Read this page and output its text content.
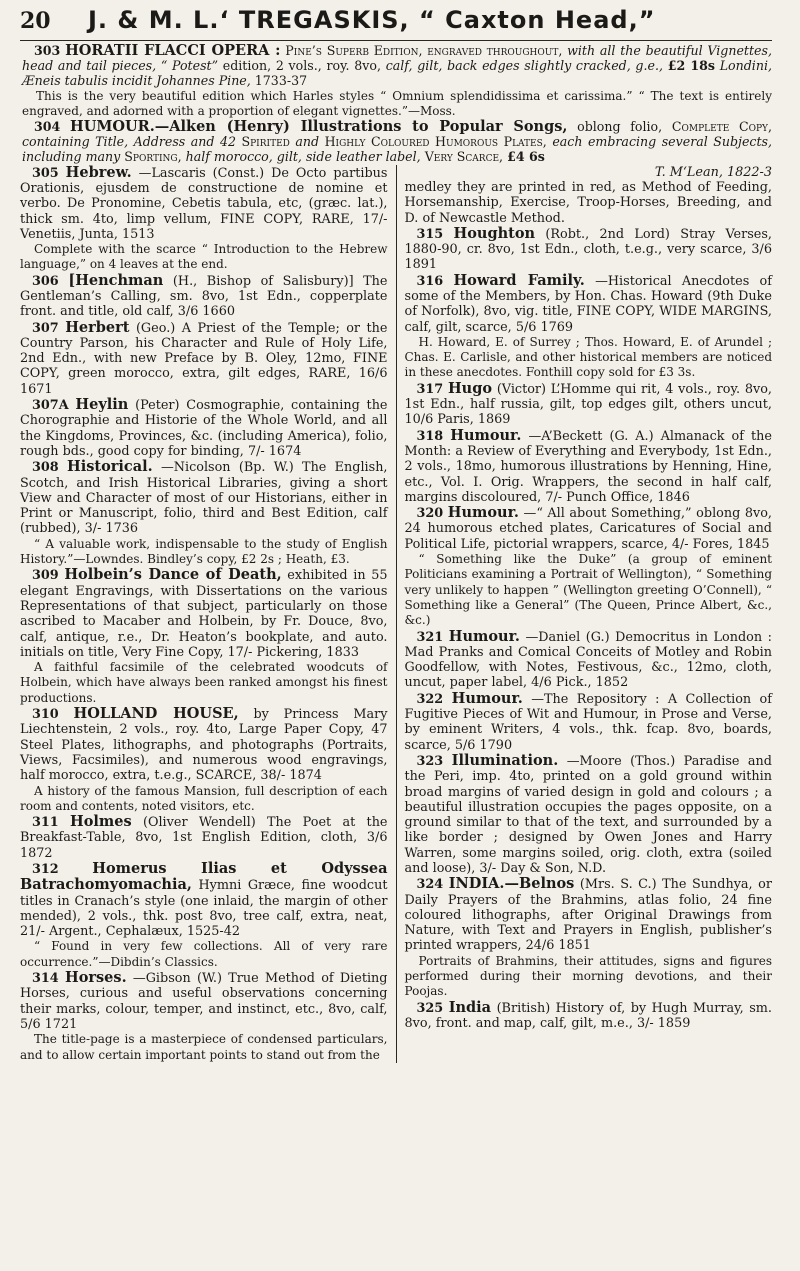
20	J. & M. L.‘ TREGASKIS, “ Caxton Head,”

303 HORATII FLACCI OPERA : Pine’s Superb Edition, engraved throughout, with all the beautiful Vignettes, head and tail pieces, “ Potest” edition, 2 vols., roy. 8vo, calf, gilt, back edges slightly cracked, g.e., £2 18s Londini, Æneis tabulis incidit Johannes Pine, 1733-37

This is the very beautiful edition which Harles styles “ Omnium splendidissima et carissima.” “ The text is entirely engraved, and adorned with a proportion of elegant vignettes.”—Moss.

304 HUMOUR.—Alken (Henry) Illustrations to Popular Songs, oblong folio, Complete Copy, containing Title, Address and 42 Spirited and Highly Coloured Humorous Plates, each embracing several Subjects, including many Sporting, half morocco, gilt, side leather label, Very Scarce, £4 6s

305 Hebrew. —Lascaris (Const.) De Octo partibus Orationis, ejusdem de constructione de nomine et verbo. De Pronomine, Cebetis tabula, etc, (græc. lat.), thick sm. 4to, limp vellum, FINE COPY, RARE, 17/- Venetiis, Junta, 1513

Complete with the scarce “ Introduction to the Hebrew language,” on 4 leaves at the end.

306 [Henchman (H., Bishop of Salisbury)] The Gentleman’s Calling, sm. 8vo, 1st Edn., copperplate front. and title, old calf, 3/6 1660

307 Herbert (Geo.) A Priest of the Temple; or the Country Parson, his Character and Rule of Holy Life, 2nd Edn., with new Preface by B. Oley, 12mo, FINE COPY, green morocco, extra, gilt edges, RARE, 16/6 1671

307A Heylin (Peter) Cosmographie, containing the Chorographie and Historie of the Whole World, and all the Kingdoms, Provinces, &c. (including America), folio, rough bds., good copy for binding, 7/- 1674

308 Historical. —Nicolson (Bp. W.) The English, Scotch, and Irish Historical Libraries, giving a short View and Character of most of our Historians, either in Print or Manuscript, folio, third and Best Edition, calf (rubbed), 3/- 1736

“ A valuable work, indispensable to the study of English History.”—Lowndes. Bindley’s copy, £2 2s ; Heath, £3.

309 Holbein’s Dance of Death, exhibited in 55 elegant Engravings, with Dissertations on the various Representations of that subject, particularly on those ascribed to Macaber and Holbein, by Fr. Douce, 8vo, calf, antique, r.e., Dr. Heaton’s bookplate, and auto. initials on title, Very Fine Copy, 17/- Pickering, 1833

A faithful facsimile of the celebrated woodcuts of Holbein, which have always been ranked amongst his finest productions.

310 HOLLAND HOUSE, by Princess Mary Liechtenstein, 2 vols., roy. 4to, Large Paper Copy, 47 Steel Plates, lithographs, and photographs (Portraits, Views, Facsimiles), and numerous wood engravings, half morocco, extra, t.e.g., SCARCE, 38/- 1874

A history of the famous Mansion, full description of each room and contents, noted visitors, etc.

311 Holmes (Oliver Wendell) The Poet at the Breakfast-Table, 8vo, 1st English Edition, cloth, 3/6 1872

312 Homerus Ilias et Odyssea Batrachomyomachia, Hymni Græce, fine woodcut titles in Cranach’s style (one inlaid, the margin of other mended), 2 vols., thk. post 8vo, tree calf, extra, neat, 21/- Argent., Cephalæux, 1525-42

“ Found in very few collections. All of very rare occurrence.”—Dibdin’s Classics.

314 Horses. —Gibson (W.) True Method of Dieting Horses, curious and useful observations concerning their marks, colour, temper, and instinct, etc., 8vo, calf, 5/6 1721

The title-page is a masterpiece of condensed particulars, and to allow certain important points to stand out from the

T. M‘Lean, 1822-3

medley they are printed in red, as Method of Feeding, Horsemanship, Exercise, Troop-Horses, Breeding, and D. of Newcastle Method.

315 Houghton (Robt., 2nd Lord) Stray Verses, 1880-90, cr. 8vo, 1st Edn., cloth, t.e.g., very scarce, 3/6 1891

316 Howard Family. —Historical Anecdotes of some of the Members, by Hon. Chas. Howard (9th Duke of Norfolk), 8vo, vig. title, FINE COPY, WIDE MARGINS, calf, gilt, scarce, 5/6 1769

H. Howard, E. of Surrey ; Thos. Howard, E. of Arundel ; Chas. E. Carlisle, and other historical members are noticed in these anecdotes. Fonthill copy sold for £3 3s.

317 Hugo (Victor) L’Homme qui rit, 4 vols., roy. 8vo, 1st Edn., half russia, gilt, top edges gilt, others uncut, 10/6 Paris, 1869

318 Humour. —A’Beckett (G. A.) Almanack of the Month: a Review of Everything and Everybody, 1st Edn., 2 vols., 18mo, humorous illustrations by Henning, Hine, etc., Vol. I. Orig. Wrappers, the second in half calf, margins discoloured, 7/- Punch Office, 1846

320 Humour. —“ All about Something,” oblong 8vo, 24 humorous etched plates, Caricatures of Social and Political Life, pictorial wrappers, scarce, 4/- Fores, 1845

“ Something like the Duke” (a group of eminent Politicians examining a Portrait of Wellington), “ Something very unlikely to happen ” (Wellington greeting O’Connell), “ Something like a General” (The Queen, Prince Albert, &c., &c.)

321 Humour. —Daniel (G.) Democritus in London : Mad Pranks and Comical Conceits of Motley and Robin Goodfellow, with Notes, Festivous, &c., 12mo, cloth, uncut, paper label, 4/6 Pick., 1852

322 Humour. —The Repository : A Collection of Fugitive Pieces of Wit and Humour, in Prose and Verse, by eminent Writers, 4 vols., thk. fcap. 8vo, boards, scarce, 5/6 1790

323 Illumination. —Moore (Thos.) Paradise and the Peri, imp. 4to, printed on a gold ground within broad margins of varied design in gold and colours ; a beautiful illustration occupies the pages opposite, on a ground similar to that of the text, and surrounded by a like border ; designed by Owen Jones and Harry Warren, some margins soiled, orig. cloth, extra (soiled and loose), 3/- Day & Son, N.D.

324 INDIA.—Belnos (Mrs. S. C.) The Sundhya, or Daily Prayers of the Brahmins, atlas folio, 24 fine coloured lithographs, after Original Drawings from Nature, with Text and Prayers in English, publisher’s printed wrappers, 24/6 1851

Portraits of Brahmins, their attitudes, signs and figures performed during their morning devotions, and their Poojas.

325 India (British) History of, by Hugh Murray, sm. 8vo, front. and map, calf, gilt, m.e., 3/- 1859
